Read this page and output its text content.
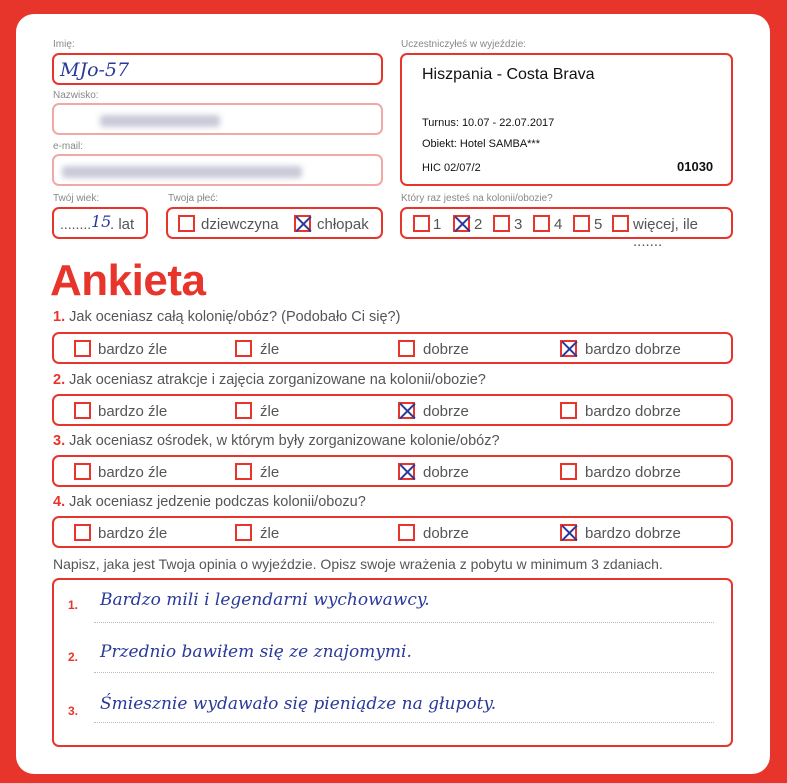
Imię:
MJo-57
Nazwisko:
e-mail:
Twój wiek:
........ 15
. lat
Twoja płeć:
dziewczyna	chłopak
Uczestniczyłeś w wyjeździe:
Hiszpania - Costa Brava
Turnus: 10.07 - 22.07.2017
Obiekt: Hotel SAMBA***
HIC 02/07/2	01030
Który raz jesteś na kolonii/obozie?
1 2 3 4 5 więcej, ile .......
Ankieta
1. Jak oceniasz całą kolonię/obóz? (Podobało Ci się?)
bardzo źle	źle	dobrze	bardzo dobrze
2. Jak oceniasz atrakcje i zajęcia zorganizowane na kolonii/obozie?
bardzo źle	źle	dobrze	bardzo dobrze
3. Jak oceniasz ośrodek, w którym były zorganizowane kolonie/obóz?
bardzo źle	źle	dobrze	bardzo dobrze
4. Jak oceniasz jedzenie podczas kolonii/obozu?
bardzo źle	źle	dobrze	bardzo dobrze
Napisz, jaka jest Twoja opinia o wyjeździe. Opisz swoje wrażenia z pobytu w minimum 3 zdaniach.
1. Bardzo mili i legendarni wychowawcy.
2. Przednio bawiłem się ze znajomymi.
3. Śmiesznie wydawało się pieniądze na głupoty.
